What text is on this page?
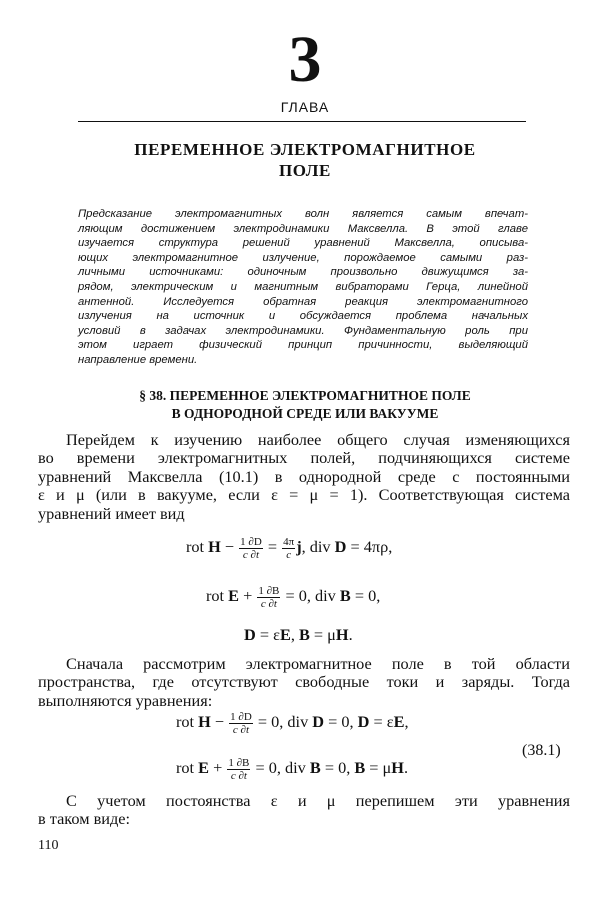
3
ГЛАВА
ПЕРЕМЕННОЕ ЭЛЕКТРОМАГНИТНОЕ
ПОЛЕ
Предсказание электромагнитных волн является самым впечат-
ляющим достижением электродинамики Максвелла. В этой главе
изучается структура решений уравнений Максвелла, описыва-
ющих электромагнитное излучение, порождаемое самыми раз-
личными источниками: одиночным произвольно движущимся за-
рядом, электрическим и магнитным вибраторами Герца, линейной
антенной. Исследуется обратная реакция электромагнитного
излучения на источник и обсуждается проблема начальных
условий в задачах электродинамики. Фундаментальную роль при
этом играет физический принцип причинности, выделяющий
направление времени.
§ 38. ПЕРЕМЕННОЕ ЭЛЕКТРОМАГНИТНОЕ ПОЛЕ
В ОДНОРОДНОЙ СРЕДЕ ИЛИ ВАКУУМЕ
Перейдем к изучению наиболее общего случая изменяющихся
во времени электромагнитных полей, подчиняющихся системе
уравнений Максвелла (10.1) в однородной среде с постоянными
ε и μ (или в вакууме, если ε = μ = 1). Соответствующая система
уравнений имеет вид
rot $H - \frac{1 \partial D}{c \partial t} = \frac{4\pi}{c} j$, div D = 4πρ,
rot $E + \frac{1 \partial B}{c \partial t} = 0$, div B = 0,
D = εE, B = μH.
Сначала рассмотрим электромагнитное поле в той области
пространства, где отсутствуют свободные токи и заряды. Тогда
выполняются уравнения:
rot $H - \frac{1 \partial D}{c \partial t} = 0$, div D = 0, D = εE,
(38.1)
rot $E + \frac{1 \partial B}{c \partial t} = 0$, div B = 0, B = μH.
С учетом постоянства ε и μ перепишем эти уравнения
в таком виде:
110
